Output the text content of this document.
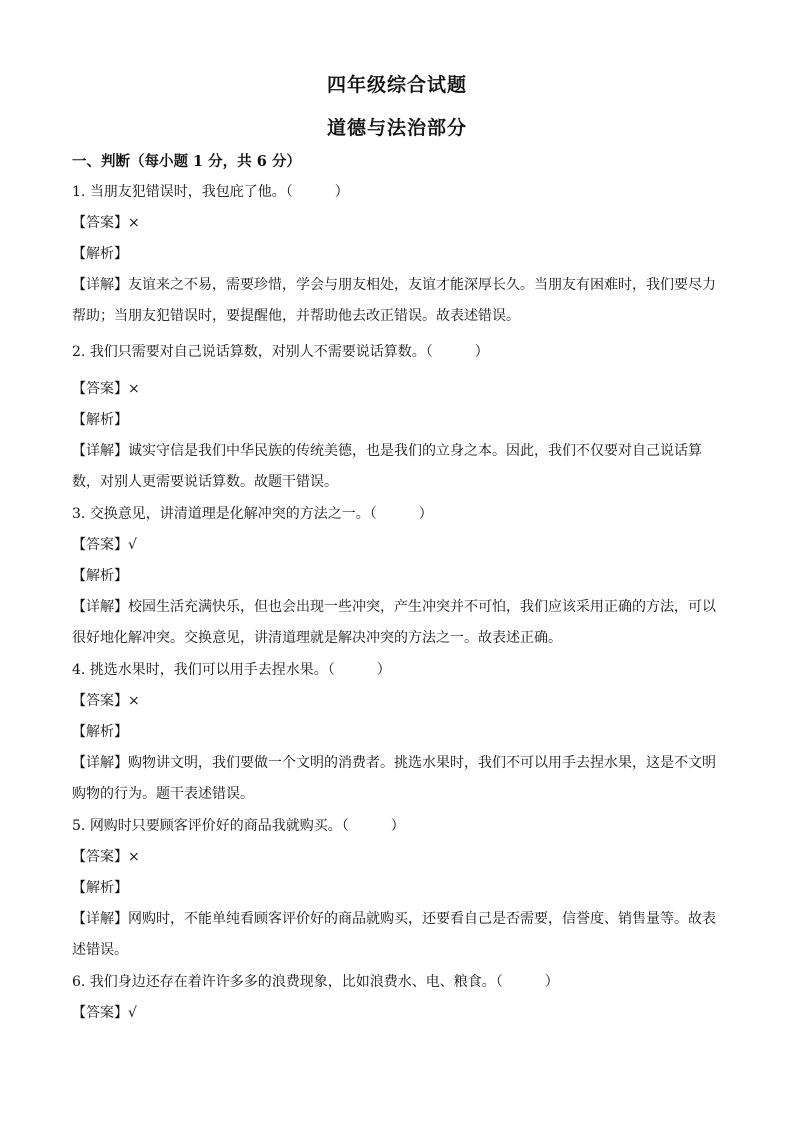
四年级综合试题
道德与法治部分
一、判断（每小题 1 分，共 6 分）
1. 当朋友犯错误时，我包庇了他。（　　　）
【答案】×
【解析】
【详解】友谊来之不易，需要珍惜，学会与朋友相处，友谊才能深厚长久。当朋友有困难时，我们要尽力
帮助；当朋友犯错误时，要提醒他，并帮助他去改正错误。故表述错误。
2. 我们只需要对自己说话算数，对别人不需要说话算数。（　　　）
【答案】×
【解析】
【详解】诚实守信是我们中华民族的传统美德，也是我们的立身之本。因此，我们不仅要对自己说话算
数，对别人更需要说话算数。故题干错误。
3. 交换意见，讲清道理是化解冲突的方法之一。（　　　）
【答案】√
【解析】
【详解】校园生活充满快乐，但也会出现一些冲突，产生冲突并不可怕，我们应该采用正确的方法，可以
很好地化解冲突。交换意见，讲清道理就是解决冲突的方法之一。故表述正确。
4. 挑选水果时，我们可以用手去捏水果。（　　　）
【答案】×
【解析】
【详解】购物讲文明，我们要做一个文明的消费者。挑选水果时，我们不可以用手去捏水果，这是不文明
购物的行为。题干表述错误。
5. 网购时只要顾客评价好的商品我就购买。（　　　）
【答案】×
【解析】
【详解】网购时，不能单纯看顾客评价好的商品就购买，还要看自己是否需要，信誉度、销售量等。故表
述错误。
6. 我们身边还存在着许许多多的浪费现象，比如浪费水、电、粮食。（　　　）
【答案】√
